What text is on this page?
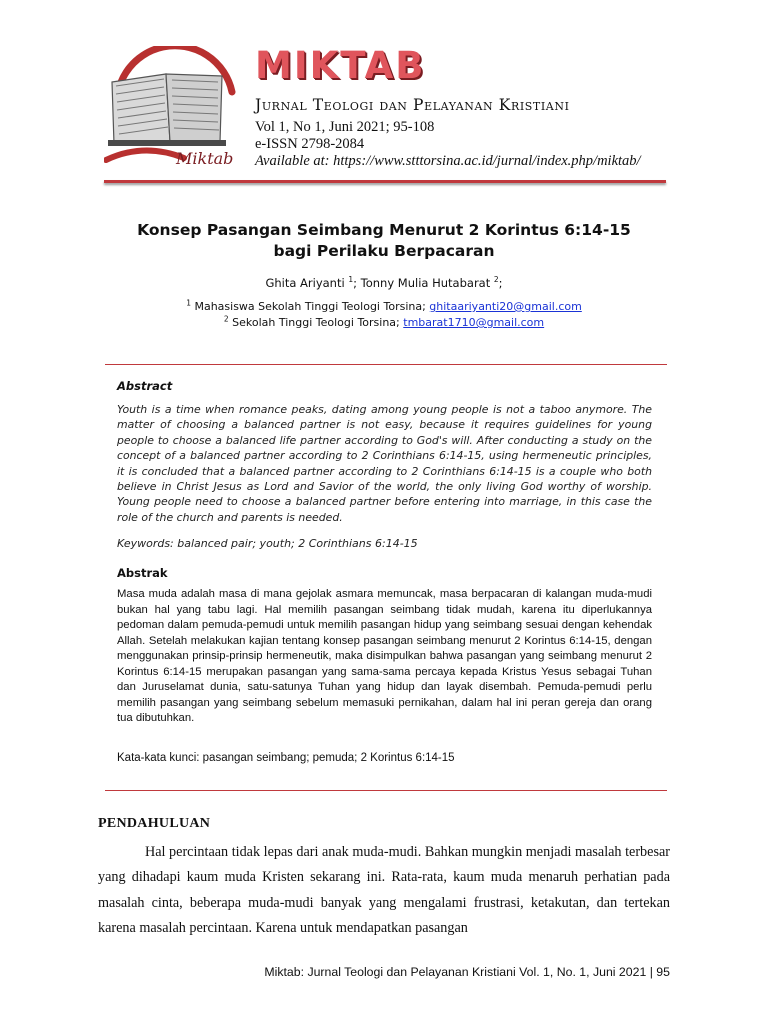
Miktab
MIKTAB
Jurnal Teologi dan Pelayanan Kristiani
Vol 1, No 1, Juni 2021; 95-108
e-ISSN 2798-2084
Available at: https://www.stttorsina.ac.id/jurnal/index.php/miktab/
Konsep Pasangan Seimbang Menurut 2 Korintus 6:14-15
bagi Perilaku Berpacaran
Ghita Ariyanti $^1$; Tonny Mulia Hutabarat $^2$;
$^1$ Mahasiswa Sekolah Tinggi Teologi Torsina; ghitaariyanti20@gmail.com
$^2$ Sekolah Tinggi Teologi Torsina; tmbarat1710@gmail.com
Abstract
Youth is a time when romance peaks, dating among young people is not a taboo anymore. The matter of choosing a balanced partner is not easy, because it requires guidelines for young people to choose a balanced life partner according to God's will. After conducting a study on the concept of a balanced partner according to 2 Corinthians 6:14-15, using hermeneutic principles, it is concluded that a balanced partner according to 2 Corinthians 6:14-15 is a couple who both believe in Christ Jesus as Lord and Savior of the world, the only living God worthy of worship. Young people need to choose a balanced partner before entering into marriage, in this case the role of the church and parents is needed.
Keywords: balanced pair; youth; 2 Corinthians 6:14-15
Abstrak
Masa muda adalah masa di mana gejolak asmara memuncak, masa berpacaran di kalangan muda-mudi bukan hal yang tabu lagi. Hal memilih pasangan seimbang tidak mudah, karena itu diperlukannya pedoman dalam pemuda-pemudi untuk memilih pasangan hidup yang seimbang sesuai dengan kehendak Allah. Setelah melakukan kajian tentang konsep pasangan seimbang menurut 2 Korintus 6:14-15, dengan menggunakan prinsip-prinsip hermeneutik, maka disimpulkan bahwa pasangan yang seimbang menurut 2 Korintus 6:14-15 merupakan pasangan yang sama-sama percaya kepada Kristus Yesus sebagai Tuhan dan Juruselamat dunia, satu-satunya Tuhan yang hidup dan layak disembah. Pemuda-pemudi perlu memilih pasangan yang seimbang sebelum memasuki pernikahan, dalam hal ini peran gereja dan orang tua dibutuhkan.
Kata-kata kunci: pasangan seimbang; pemuda; 2 Korintus 6:14-15
PENDAHULUAN
Hal percintaan tidak lepas dari anak muda-mudi. Bahkan mungkin menjadi masalah terbesar yang dihadapi kaum muda Kristen sekarang ini. Rata-rata, kaum muda menaruh perhatian pada masalah cinta, beberapa muda-mudi banyak yang mengalami frustrasi, ketakutan, dan tertekan karena masalah percintaan. Karena untuk mendapatkan pasangan
Miktab: Jurnal Teologi dan Pelayanan Kristiani Vol. 1, No. 1, Juni 2021 | 95
